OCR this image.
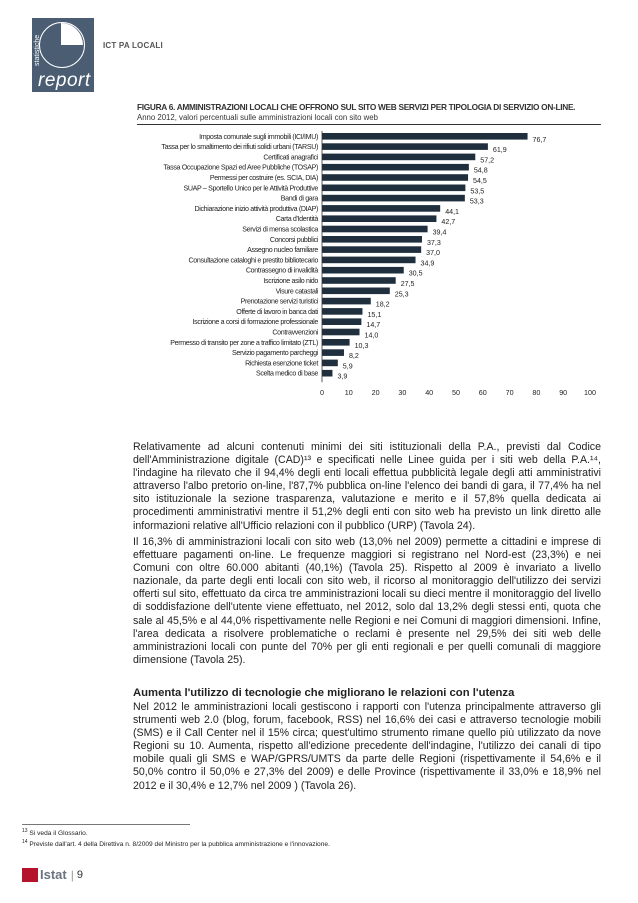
statistiche
report
ICT PA LOCALI
FIGURA 6. AMMINISTRAZIONI LOCALI CHE OFFRONO SUL SITO WEB SERVIZI PER TIPOLOGIA DI SERVIZIO ON-LINE.
Anno 2012, valori percentuali sulle amministrazioni locali con sito web
Imposta comunale sugli immobili (ICI/IMU)	76,7
Tassa per lo smaltimento dei rifiuti solidi urbani (TARSU)	61,9
Certificati anagrafici	57,2
Tassa Occupazione Spazi ed Aree Pubbliche (TOSAP)	54,8
Permessi per costruire (es. SCIA, DIA)	54,5
SUAP – Sportello Unico per le Attività Produttive	53,5
Bandi di gara	53,3
Dichiarazione inizio attività produttiva (DIAP)	44,1
Carta d'Identità	42,7
Servizi di mensa scolastica	39,4
Concorsi pubblici	37,3
Assegno nucleo familiare	37,0
Consultazione cataloghi e prestito bibliotecario	34,9
Contrassegno di invalidità	30,5
Iscrizione asilo nido	27,5
Visure catastali	25,3
Prenotazione servizi turistici	18,2
Offerte di lavoro in banca dati	15,1
Iscrizione a corsi di formazione professionale	14,7
Contravvenzioni	14,0
Permesso di transito per zone a traffico limitato (ZTL)	10,3
Servizio pagamento parcheggi	8,2
Richiesta esenzione ticket	5,9
Scelta medico di base	3,9
0	10	20	30	40	50	60	70	80	90 100

Relativamente ad alcuni contenuti minimi dei siti istituzionali della P.A., previsti dal Codice dell'Amministrazione digitale (CAD)¹³ e specificati nelle Linee guida per i siti web della P.A.¹⁴, l'indagine ha rilevato che il 94,4% degli enti locali effettua pubblicità legale degli atti amministrativi attraverso l'albo pretorio on-line, l'87,7% pubblica on-line l'elenco dei bandi di gara, il 77,4% ha nel sito istituzionale la sezione trasparenza, valutazione e merito e il 57,8% quella dedicata ai procedimenti amministrativi mentre il 51,2% degli enti con sito web ha previsto un link diretto alle informazioni relative all'Ufficio relazioni con il pubblico (URP) (Tavola 24).

Il 16,3% di amministrazioni locali con sito web (13,0% nel 2009) permette a cittadini e imprese di effettuare pagamenti on-line. Le frequenze maggiori si registrano nel Nord-est (23,3%) e nei Comuni con oltre 60.000 abitanti (40,1%) (Tavola 25). Rispetto al 2009 è invariato a livello nazionale, da parte degli enti locali con sito web, il ricorso al monitoraggio dell'utilizzo dei servizi offerti sul sito, effettuato da circa tre amministrazioni locali su dieci mentre il monitoraggio del livello di soddisfazione dell'utente viene effettuato, nel 2012, solo dal 13,2% degli stessi enti, quota che sale al 45,5% e al 44,0% rispettivamente nelle Regioni e nei Comuni di maggiori dimensioni. Infine, l'area dedicata a risolvere problematiche o reclami è presente nel 29,5% dei siti web delle amministrazioni locali con punte del 70% per gli enti regionali e per quelli comunali di maggiore dimensione (Tavola 25).

Aumenta l'utilizzo di tecnologie che migliorano le relazioni con l'utenza

Nel 2012 le amministrazioni locali gestiscono i rapporti con l'utenza principalmente attraverso gli strumenti web 2.0 (blog, forum, facebook, RSS) nel 16,6% dei casi e attraverso tecnologie mobili (SMS) e il Call Center nel il 15% circa; quest'ultimo strumento rimane quello più utilizzato da nove Regioni su 10. Aumenta, rispetto all'edizione precedente dell'indagine, l'utilizzo dei canali di tipo mobile quali gli SMS e WAP/GPRS/UMTS da parte delle Regioni (rispettivamente il 54,6% e il 50,0% contro il 50,0% e 27,3% del 2009) e delle Province (rispettivamente il 33,0% e 18,9% nel 2012 e il 30,4% e 12,7% nel 2009 ) (Tavola 26).

$^{13}$ Si veda il Glossario.
$^{14}$ Previste dall'art. 4 della Direttiva n. 8/2009 del Ministro per la pubblica amministrazione e l'innovazione.
Istat | 9
